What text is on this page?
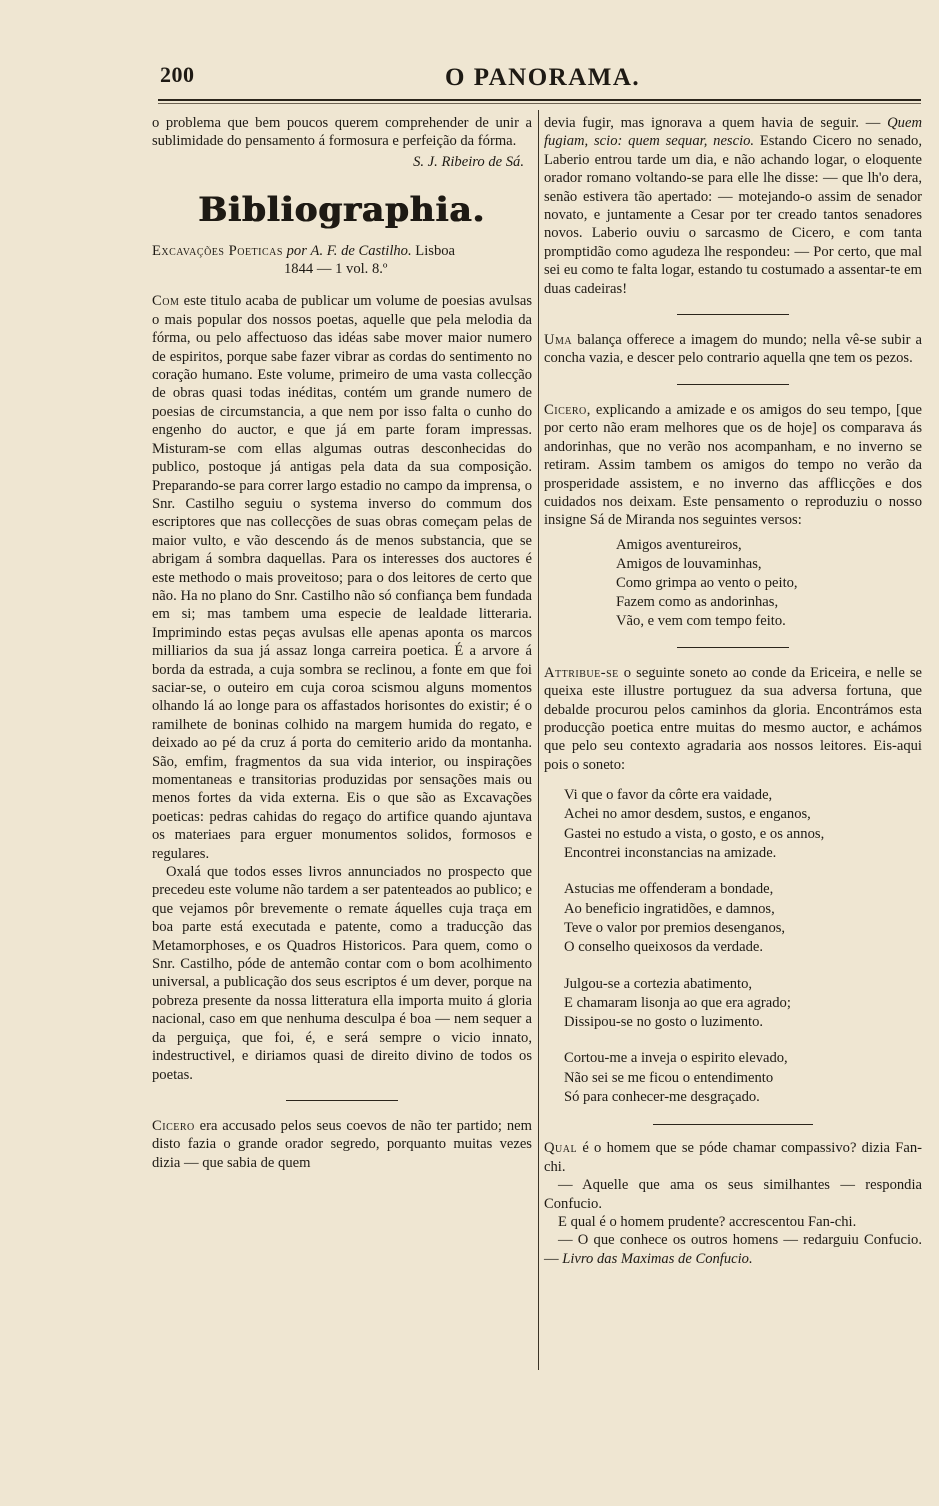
200	O PANORAMA.

o problema que bem poucos querem comprehender de unir a sublimidade do pensamento á formosura e perfeição da fórma.

S. J. Ribeiro de Sá.

Bibliographia.

Excavações Poeticas por A. F. de Castilho. Lisboa
1844 — 1 vol. 8.º

Com este titulo acaba de publicar um volume de poesias avulsas o mais popular dos nossos poetas, aquelle que pela melodia da fórma, ou pelo affectuoso das idéas sabe mover maior numero de espiritos, porque sabe fazer vibrar as cordas do sentimento no coração humano. Este volume, primeiro de uma vasta collecção de obras quasi todas inéditas, contém um grande numero de poesias de circumstancia, a que nem por isso falta o cunho do engenho do auctor, e que já em parte foram impressas. Misturam-se com ellas algumas outras desconhecidas do publico, postoque já antigas pela data da sua composição. Preparando-se para correr largo estadio no campo da imprensa, o Snr. Castilho seguiu o systema inverso do commum dos escriptores que nas collecções de suas obras começam pelas de maior vulto, e vão descendo ás de menos substancia, que se abrigam á sombra daquellas. Para os interesses dos auctores é este methodo o mais proveitoso; para o dos leitores de certo que não. Ha no plano do Snr. Castilho não só confiança bem fundada em si; mas tambem uma especie de lealdade litteraria. Imprimindo estas peças avulsas elle apenas aponta os marcos milliarios da sua já assaz longa carreira poetica. É a arvore á borda da estrada, a cuja sombra se reclinou, a fonte em que foi saciar-se, o outeiro em cuja coroa scismou alguns momentos olhando lá ao longe para os affastados horisontes do existir; é o ramilhete de boninas colhido na margem humida do regato, e deixado ao pé da cruz á porta do cemiterio arido da montanha. São, emfim, fragmentos da sua vida interior, ou inspirações momentaneas e transitorias produzidas por sensações mais ou menos fortes da vida externa. Eis o que são as Excavações poeticas: pedras cahidas do regaço do artifice quando ajuntava os materiaes para erguer monumentos solidos, formosos e regulares.

Oxalá que todos esses livros annunciados no prospecto que precedeu este volume não tardem a ser patenteados ao publico; e que vejamos pôr brevemente o remate áquelles cuja traça em boa parte está executada e patente, como a traducção das Metamorphoses, e os Quadros Historicos. Para quem, como o Snr. Castilho, póde de antemão contar com o bom acolhimento universal, a publicação dos seus escriptos é um dever, porque na pobreza presente da nossa litteratura ella importa muito á gloria nacional, caso em que nenhuma desculpa é boa — nem sequer a da perguiça, que foi, é, e será sempre o vicio innato, indestructivel, e diriamos quasi de direito divino de todos os poetas.

Cicero era accusado pelos seus coevos de não ter partido; nem disto fazia o grande orador segredo, porquanto muitas vezes dizia — que sabia de quem

devia fugir, mas ignorava a quem havia de seguir. — Quem fugiam, scio: quem sequar, nescio. Estando Cicero no senado, Laberio entrou tarde um dia, e não achando logar, o eloquente orador romano voltando-se para elle lhe disse: — que lh'o dera, senão estivera tão apertado: — motejando-o assim de senador novato, e juntamente a Cesar por ter creado tantos senadores novos. Laberio ouviu o sarcasmo de Cicero, e com tanta promptidão como agudeza lhe respondeu: — Por certo, que mal sei eu como te falta logar, estando tu costumado a assentar-te em duas cadeiras!

Uma balança offerece a imagem do mundo; nella vê-se subir a concha vazia, e descer pelo contrario aquella qne tem os pezos.

Cicero, explicando a amizade e os amigos do seu tempo, [que por certo não eram melhores que os de hoje] os comparava ás andorinhas, que no verão nos acompanham, e no inverno se retiram. Assim tambem os amigos do tempo no verão da prosperidade assistem, e no inverno das afflicções e dos cuidados nos deixam. Este pensamento o reproduziu o nosso insigne Sá de Miranda nos seguintes versos:

Amigos aventureiros,
Amigos de louvaminhas,
Como grimpa ao vento o peito,
Fazem como as andorinhas,
Vão, e vem com tempo feito.

Attribue-se o seguinte soneto ao conde da Ericeira, e nelle se queixa este illustre portuguez da sua adversa fortuna, que debalde procurou pelos caminhos da gloria. Encontrámos esta producção poetica entre muitas do mesmo auctor, e achámos que pelo seu contexto agradaria aos nossos leitores. Eis-aqui pois o soneto:

Vi que o favor da côrte era vaidade,
Achei no amor desdem, sustos, e enganos,
Gastei no estudo a vista, o gosto, e os annos,
Encontrei inconstancias na amizade.
Astucias me offenderam a bondade,
Ao beneficio ingratidões, e damnos,
Teve o valor por premios desenganos,
O conselho queixosos da verdade.
Julgou-se a cortezia abatimento,
E chamaram lisonja ao que era agrado;
Dissipou-se no gosto o luzimento.
Cortou-me a inveja o espirito elevado,
Não sei se me ficou o entendimento
Só para conhecer-me desgraçado.

Qual é o homem que se póde chamar compassivo? dizia Fan-chi.

— Aquelle que ama os seus similhantes — respondia Confucio.

E qual é o homem prudente? accrescentou Fan-chi.

— O que conhece os outros homens — redarguiu Confucio. — Livro das Maximas de Confucio.
